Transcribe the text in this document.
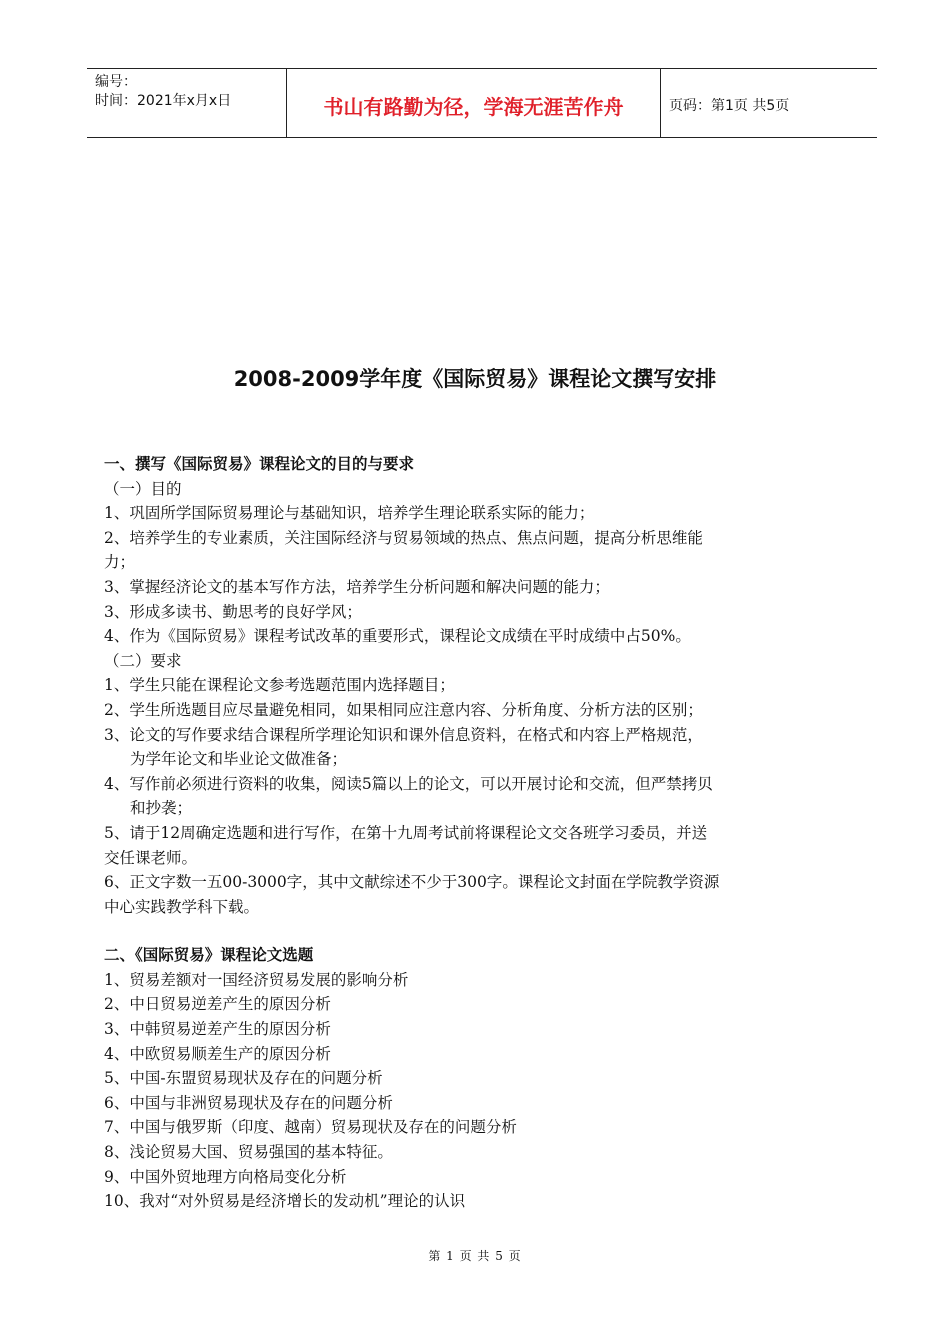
编号：
时间：2021年x月x日	书山有路勤为径，学海无涯苦作舟	页码：第1页 共5页
2008-2009学年度《国际贸易》课程论文撰写安排
一、撰写《国际贸易》课程论文的目的与要求
（一）目的
1、巩固所学国际贸易理论与基础知识，培养学生理论联系实际的能力；
2、培养学生的专业素质，关注国际经济与贸易领域的热点、焦点问题，提高分析思维能
力；
3、掌握经济论文的基本写作方法，培养学生分析问题和解决问题的能力；
3、形成多读书、勤思考的良好学风；
4、作为《国际贸易》课程考试改革的重要形式，课程论文成绩在平时成绩中占50%。
（二）要求
1、学生只能在课程论文参考选题范围内选择题目；
2、学生所选题目应尽量避免相同，如果相同应注意内容、分析角度、分析方法的区别；
3、论文的写作要求结合课程所学理论知识和课外信息资料，在格式和内容上严格规范，
为学年论文和毕业论文做准备；
4、写作前必须进行资料的收集，阅读5篇以上的论文，可以开展讨论和交流，但严禁拷贝
和抄袭；
5、请于12周确定选题和进行写作，在第十九周考试前将课程论文交各班学习委员，并送
交任课老师。
6、正文字数一五00-3000字，其中文献综述不少于300字。课程论文封面在学院教学资源
中心实践教学科下载。
二、《国际贸易》课程论文选题
1、贸易差额对一国经济贸易发展的影响分析
2、中日贸易逆差产生的原因分析
3、中韩贸易逆差产生的原因分析
4、中欧贸易顺差生产的原因分析
5、中国-东盟贸易现状及存在的问题分析
6、中国与非洲贸易现状及存在的问题分析
7、中国与俄罗斯（印度、越南）贸易现状及存在的问题分析
8、浅论贸易大国、贸易强国的基本特征。
9、中国外贸地理方向格局变化分析
10、我对“对外贸易是经济增长的发动机”理论的认识
第 1 页 共 5 页
